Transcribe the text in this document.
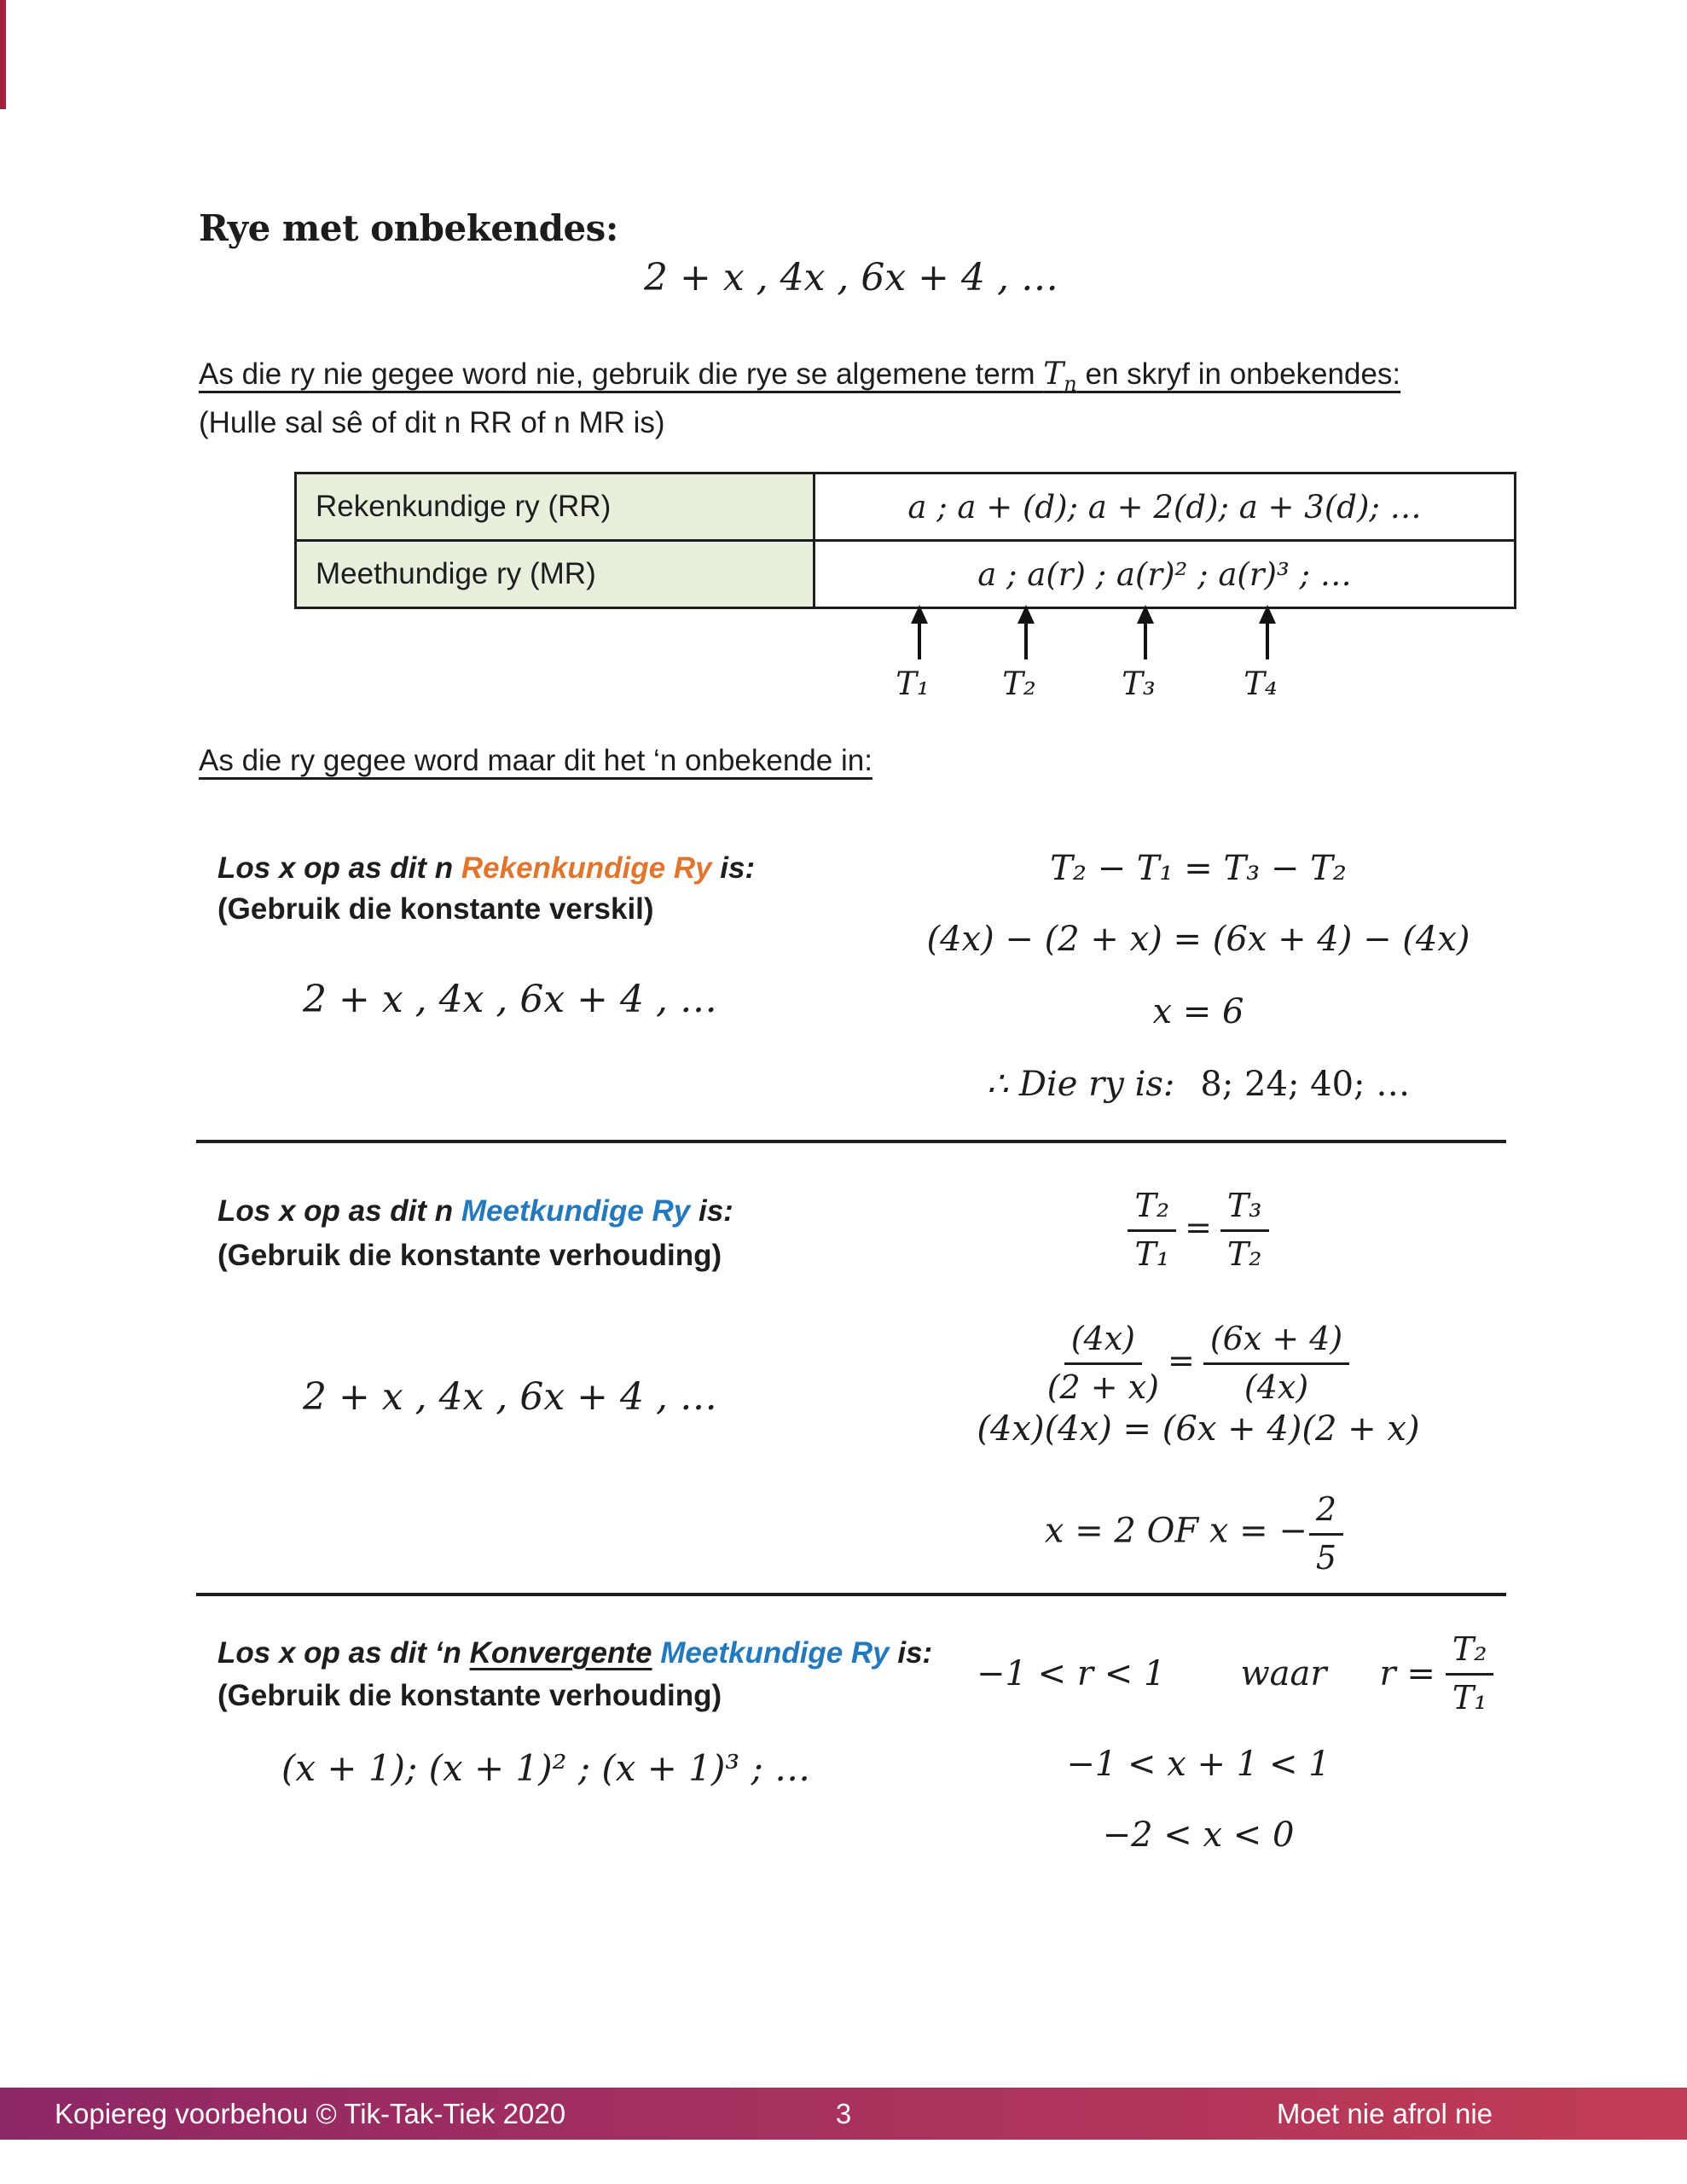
Rye met onbekendes:
2 + x , 4x , 6x + 4 , …
As die ry nie gegee word nie, gebruik die rye se algemene term $T_n$ en skryf in onbekendes:
(Hulle sal sê of dit n RR of n MR is)
Rekenkundige ry (RR)	a ; a + (d); a + 2(d); a + 3(d); …
Meethundige ry (MR)	a ; a(r) ; a(r)² ; a(r)³ ; …
T₁	T₂	T₃	T₄
As die ry gegee word maar dit het ‘n onbekende in:
Los x op as dit n Rekenkundige Ry is:
(Gebruik die konstante verskil)
2 + x , 4x , 6x + 4 , …
T₂ − T₁ = T₃ − T₂
(4x) − (2 + x) = (6x + 4) − (4x)
x = 6
∴ Die ry is: 8; 24; 40; …
Los x op as dit n Meetkundige Ry is:
(Gebruik die konstante verhouding)
2 + x , 4x , 6x + 4 , …
$\frac{\text{T₂}}{\text{T₁}} = \frac{\text{T₃}}{\text{T₂}}$
$\frac{(4x)}{(2 + x)} = \frac{(6x + 4)}{(4x)}$
(4x)(4x) = (6x + 4)(2 + x)
x = 2 OF x = − $\frac{2}{5}$
Los x op as dit ‘n Konvergente Meetkundige Ry is:
(Gebruik die konstante verhouding)
(x + 1); (x + 1)² ; (x + 1)³ ; …
−1 < r < 1 waar $r = \frac{\text{T₂}}{\text{T₁}}$
−1 < x + 1 < 1
−2 < x < 0
Kopiereg voorbehou © Tik-Tak-Tiek 2020	3	Moet nie afrol nie
